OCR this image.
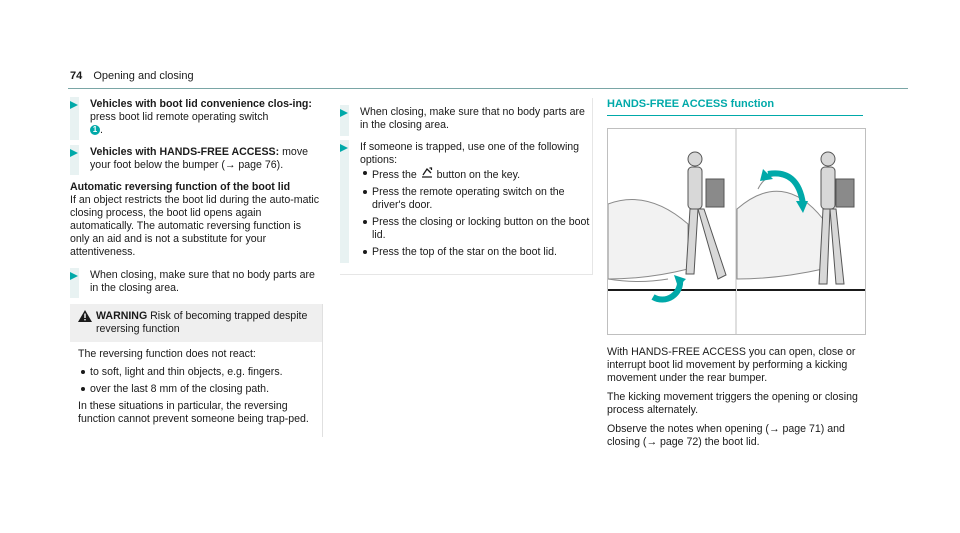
74 Opening and closing

Vehicles with boot lid convenience clos-ing: press boot lid remote operating switch
1 .

Vehicles with HANDS-FREE ACCESS: move your foot below the bumper (→ page 76).

Automatic reversing function of the boot lid

If an object restricts the boot lid during the auto-matic closing process, the boot lid opens again automatically. The automatic reversing function is only an aid and is not a substitute for your attentiveness.

When closing, make sure that no body parts are in the closing area.

WARNING Risk of becoming trapped despite reversing function

The reversing function does not react:

to soft, light and thin objects, e.g. fingers.
over the last 8 mm of the closing path.

In these situations in particular, the reversing function cannot prevent someone being trap-ped.

When closing, make sure that no body parts are in the closing area.

If someone is trapped, use one of the following options:

Press the  button on the key.
Press the remote operating switch on the driver's door.
Press the closing or locking button on the boot lid.
Press the top of the star on the boot lid.

HANDS-FREE ACCESS function

With HANDS-FREE ACCESS you can open, close or interrupt boot lid movement by performing a kicking movement under the rear bumper.

The kicking movement triggers the opening or closing process alternately.

Observe the notes when opening (→ page 71) and closing (→ page 72) the boot lid.
